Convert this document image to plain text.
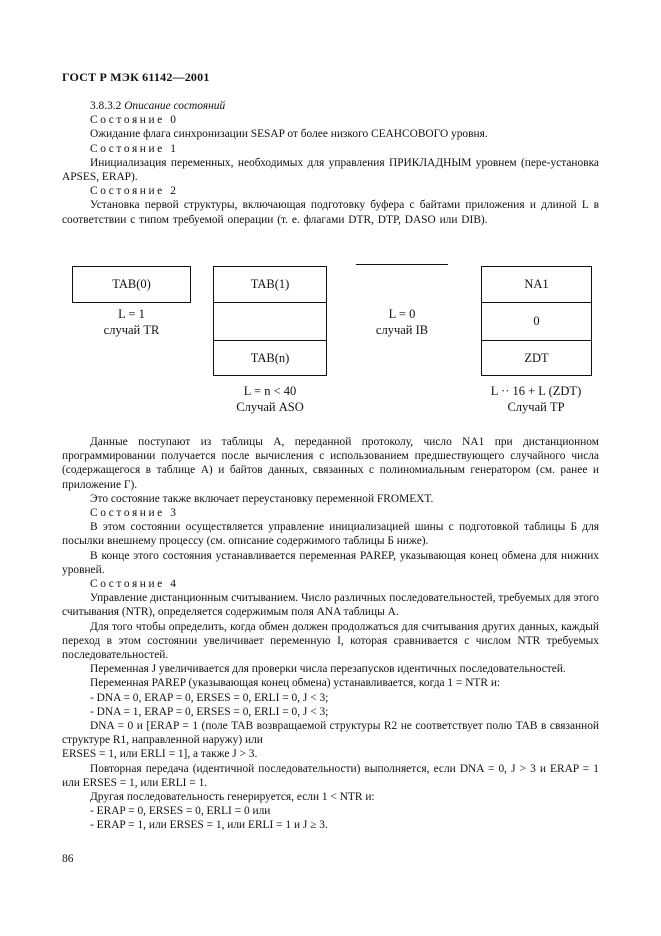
ГОСТ Р МЭК 61142—2001

3.8.3.2 Описание состояний

Состояние 0

Ожидание флага синхронизации SESAP от более низкого СЕАНСОВОГО уровня.

Состояние 1

Инициализация переменных, необходимых для управления ПРИКЛАДНЫМ уровнем (пере-установка APSES, ERAP).

Состояние 2

Установка первой структуры, включающая подготовку буфера с байтами приложения и длиной L в соответствии с типом требуемой операции (т. е. флагами DTR, DTP, DASO или DIB).

TAB(0)
L = 1
случай TR
TAB(1)
TAB(n)
L = n < 40
Случай ASO
L = 0
случай IB
NA1
0
ZDT
L ·· 16 + L (ZDT)
Случай TP

Данные поступают из таблицы А, переданной протоколу, число NA1 при дистанционном программировании получается после вычисления с использованием предшествующего случайного числа (содержащегося в таблице А) и байтов данных, связанных с полиномиальным генератором (см. ранее и приложение Г).

Это состояние также включает переустановку переменной FROMEXT.

Состояние 3

В этом состоянии осуществляется управление инициализацией шины с подготовкой таблицы Б для посылки внешнему процессу (см. описание содержимого таблицы Б ниже).

В конце этого состояния устанавливается переменная PAREP, указывающая конец обмена для нижних уровней.

Состояние 4

Управление дистанционным считыванием. Число различных последовательностей, требуемых для этого считывания (NTR), определяется содержимым поля ANA таблицы А.

Для того чтобы определить, когда обмен должен продолжаться для считывания других данных, каждый переход в этом состоянии увеличивает переменную I, которая сравнивается с числом NTR требуемых последовательностей.

Переменная J увеличивается для проверки числа перезапусков идентичных последовательностей.

Переменная PAREP (указывающая конец обмена) устанавливается, когда 1 = NTR и:

- DNA = 0, ERAP = 0, ERSES = 0, ERLI = 0, J < 3;

- DNA = 1, ERAP = 0, ERSES = 0, ERLI = 0, J < 3;

DNA = 0 и [ERAP = 1 (поле TAB возвращаемой структуры R2 не соответствует полю TAB в связанной структуре R1, направленной наружу) или

ERSES = 1, или ERLI = 1], а также J > 3.

Повторная передача (идентичной последовательности) выполняется, если DNA = 0, J > 3 и ERAP = 1 или ERSES = 1, или ERLI = 1.

Другая последовательность генерируется, если 1 < NTR и:

- ERAP = 0, ERSES = 0, ERLI = 0 или

- ERAP = 1, или ERSES = 1, или ERLI = 1 и J ≥ 3.

86
